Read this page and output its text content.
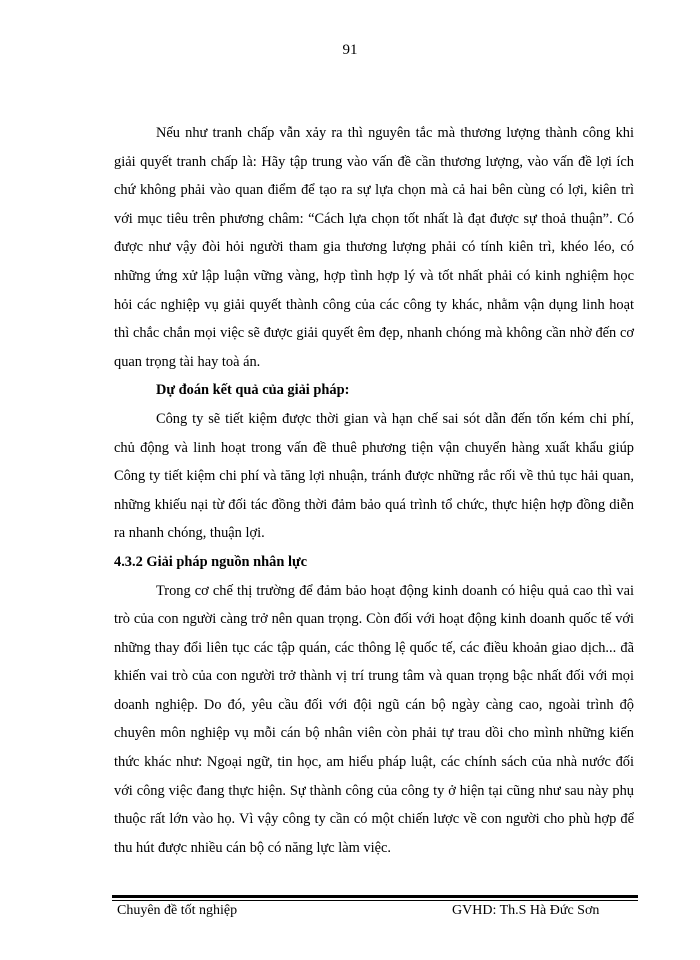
91

Nếu như tranh chấp vẫn xảy ra thì nguyên tắc mà thương lượng thành công khi giải quyết tranh chấp là: Hãy tập trung vào vấn đề cần thương lượng, vào vấn đề lợi ích chứ không phải vào quan điểm để tạo ra sự lựa chọn mà cả hai bên cùng có lợi, kiên trì với mục tiêu trên phương châm: “Cách lựa chọn tốt nhất là đạt được sự thoả thuận”. Có được như vậy đòi hỏi người tham gia thương lượng phải có tính kiên trì, khéo léo, có những ứng xử lập luận vững vàng, hợp tình hợp lý và tốt nhất phải có kinh nghiệm học hỏi các nghiệp vụ giải quyết thành công của các công ty khác, nhằm vận dụng linh hoạt thì chắc chắn mọi việc sẽ được giải quyết êm đẹp, nhanh chóng mà không cần nhờ đến cơ quan trọng tài hay toà án.

Dự đoán kết quả của giải pháp:

Công ty sẽ tiết kiệm được thời gian và hạn chế sai sót dẫn đến tốn kém chi phí, chủ động và linh hoạt trong vấn đề thuê phương tiện vận chuyển hàng xuất khẩu giúp Công ty tiết kiệm chi phí và tăng lợi nhuận, tránh được những rắc rối về thủ tục hải quan, những khiếu nại từ đối tác đồng thời đảm bảo quá trình tổ chức, thực hiện hợp đồng diễn ra nhanh chóng, thuận lợi.

4.3.2 Giải pháp nguồn nhân lực

Trong cơ chế thị trường để đảm bảo hoạt động kinh doanh có hiệu quả cao thì vai trò của con người càng trở nên quan trọng. Còn đối với hoạt động kinh doanh quốc tế với những thay đổi liên tục các tập quán, các thông lệ quốc tế, các điều khoản giao dịch... đã khiến vai trò của con người trở thành vị trí trung tâm và quan trọng bậc nhất đối với mọi doanh nghiệp. Do đó, yêu cầu đối với đội ngũ cán bộ ngày càng cao, ngoài trình độ chuyên môn nghiệp vụ mỗi cán bộ nhân viên còn phải tự trau dồi cho mình những kiến thức khác như: Ngoại ngữ, tin học, am hiểu pháp luật, các chính sách của nhà nước đối với công việc đang thực hiện. Sự thành công của công ty ở hiện tại cũng như sau này phụ thuộc rất lớn vào họ. Vì vậy công ty cần có một chiến lược về con người cho phù hợp để thu hút được nhiều cán bộ có năng lực làm việc.

Chuyên đề tốt nghiệp	GVHD: Th.S Hà Đức Sơn
